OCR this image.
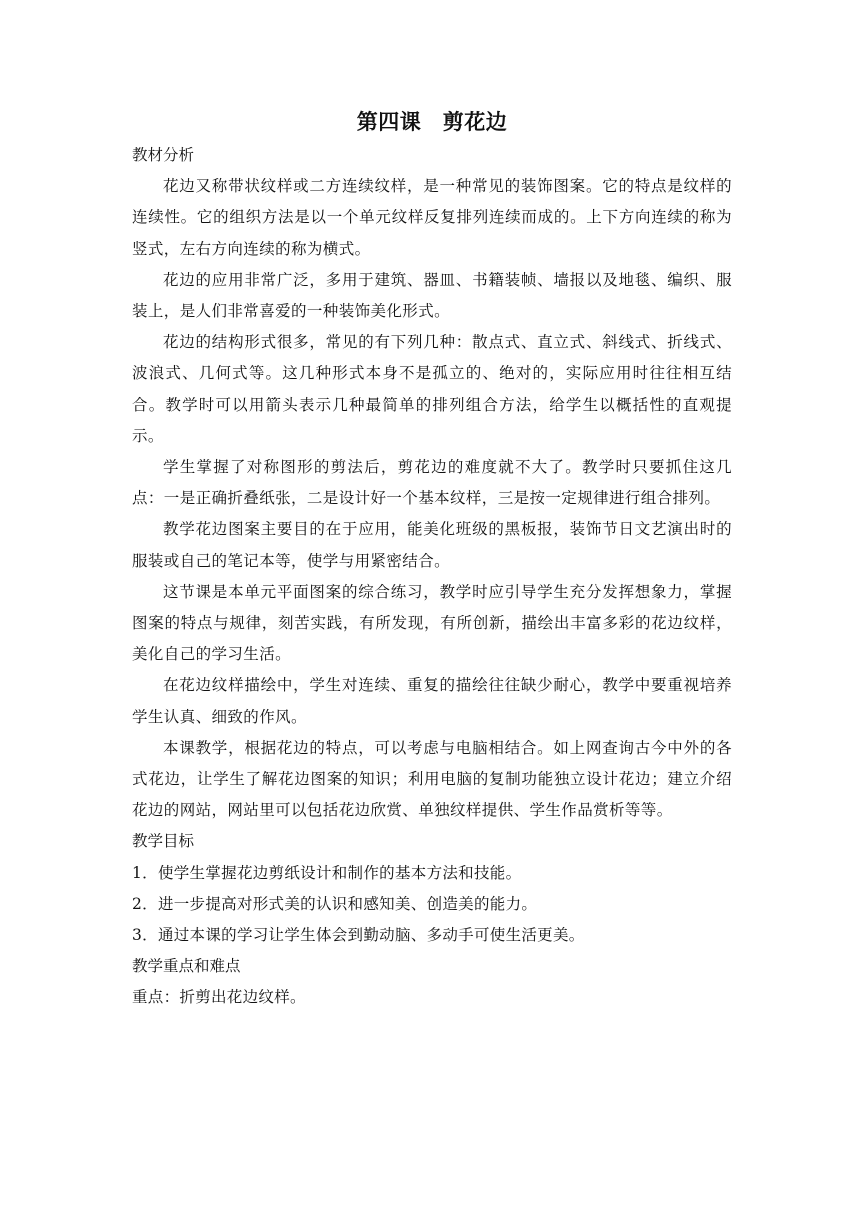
第四课　剪花边

教材分析

花边又称带状纹样或二方连续纹样，是一种常见的装饰图案。它的特点是纹样的连续性。它的组织方法是以一个单元纹样反复排列连续而成的。上下方向连续的称为竖式，左右方向连续的称为横式。

花边的应用非常广泛，多用于建筑、器皿、书籍装帧、墙报以及地毯、编织、服装上，是人们非常喜爱的一种装饰美化形式。

花边的结构形式很多，常见的有下列几种：散点式、直立式、斜线式、折线式、波浪式、几何式等。这几种形式本身不是孤立的、绝对的，实际应用时往往相互结合。教学时可以用箭头表示几种最简单的排列组合方法，给学生以概括性的直观提示。

学生掌握了对称图形的剪法后，剪花边的难度就不大了。教学时只要抓住这几点：一是正确折叠纸张，二是设计好一个基本纹样，三是按一定规律进行组合排列。

教学花边图案主要目的在于应用，能美化班级的黑板报，装饰节日文艺演出时的服装或自己的笔记本等，使学与用紧密结合。

这节课是本单元平面图案的综合练习，教学时应引导学生充分发挥想象力，掌握图案的特点与规律，刻苦实践，有所发现，有所创新，描绘出丰富多彩的花边纹样，美化自己的学习生活。

在花边纹样描绘中，学生对连续、重复的描绘往往缺少耐心，教学中要重视培养学生认真、细致的作风。

本课教学，根据花边的特点，可以考虑与电脑相结合。如上网查询古今中外的各式花边，让学生了解花边图案的知识；利用电脑的复制功能独立设计花边；建立介绍花边的网站，网站里可以包括花边欣赏、单独纹样提供、学生作品赏析等等。

教学目标

1．使学生掌握花边剪纸设计和制作的基本方法和技能。

2．进一步提高对形式美的认识和感知美、创造美的能力。

3．通过本课的学习让学生体会到勤动脑、多动手可使生活更美。

教学重点和难点

重点：折剪出花边纹样。
